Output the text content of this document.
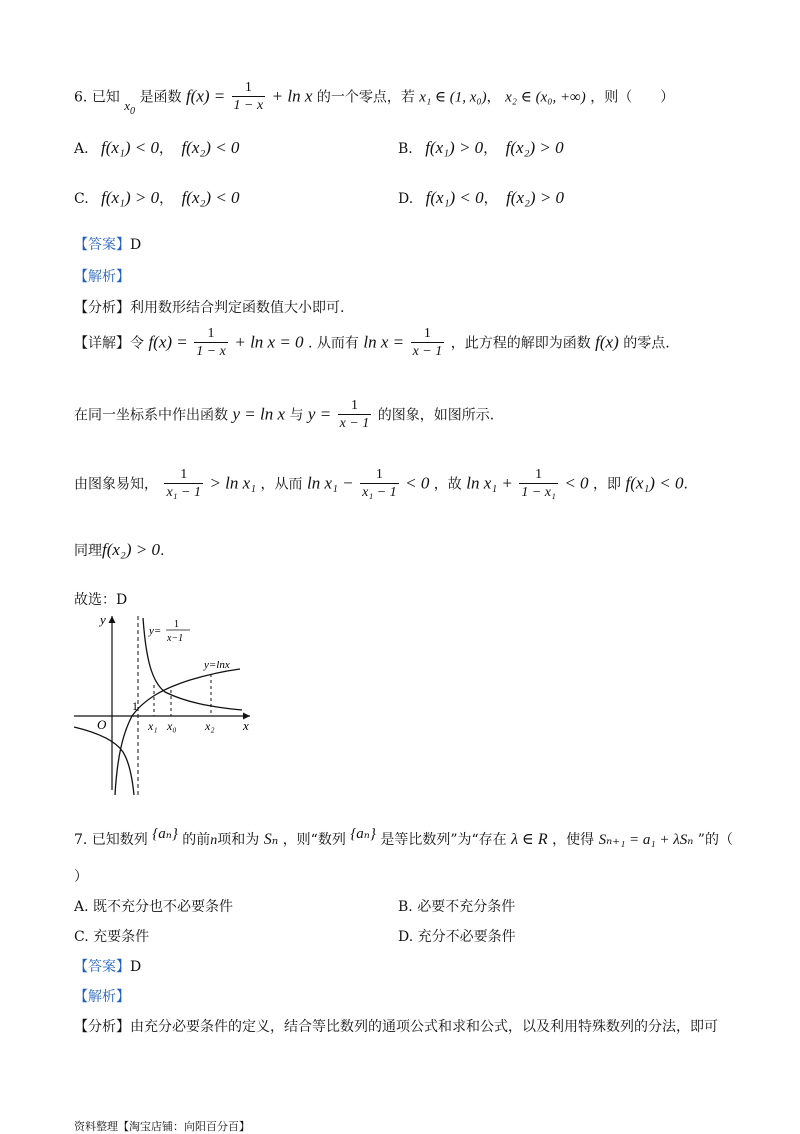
6. 已知 $x_0$ 是函数 $f(x) = \frac{1}{1 - x} + \ln x$ 的一个零点，若 x₁ ∈ (1, x₀)， x₂ ∈ (x₀, +∞) ，则（　　）
A. f(x₁) < 0， f(x₂) < 0	B. f(x₁) > 0， f(x₂) > 0
C. f(x₁) > 0， f(x₂) < 0	D. f(x₁) < 0， f(x₂) > 0
【答案】D
【解析】
【分析】利用数形结合判定函数值大小即可.
【详解】令 $f(x) = \frac{1}{1 - x} + \ln x = 0$ . 从而有 $\ln x = \frac{1}{x - 1}$ ，此方程的解即为函数 f(x) 的零点.
在同一坐标系中作出函数 y = ln x 与 $y = \frac{1}{x - 1}$ 的图象，如图所示.
由图象易知， $\frac{1}{\text{x₁ − 1}} > \ln x_1$ ，从而 $\ln x_1 - \frac{1}{\text{x₁ − 1}} < 0$ ，故 $\ln x_1 + \frac{1}{\text{1 − x₁}} < 0$ ，即 f(x₁) < 0.
同理f(x₂) > 0.
故选：D
y
x
O
1
x₁ x₀ x₂
y=
1
x−1
y=lnx
7. 已知数列 {aₙ} 的前n项和为 Sₙ ，则“数列 {aₙ} 是等比数列”为“存在 λ ∈ R ，使得 Sₙ₊₁ = a₁ + λSₙ ”的（
）
A. 既不充分也不必要条件	B. 必要不充分条件
C. 充要条件	D. 充分不必要条件
【答案】D
【解析】
【分析】由充分必要条件的定义，结合等比数列的通项公式和求和公式，以及利用特殊数列的分法，即可
资料整理【淘宝店铺：向阳百分百】
